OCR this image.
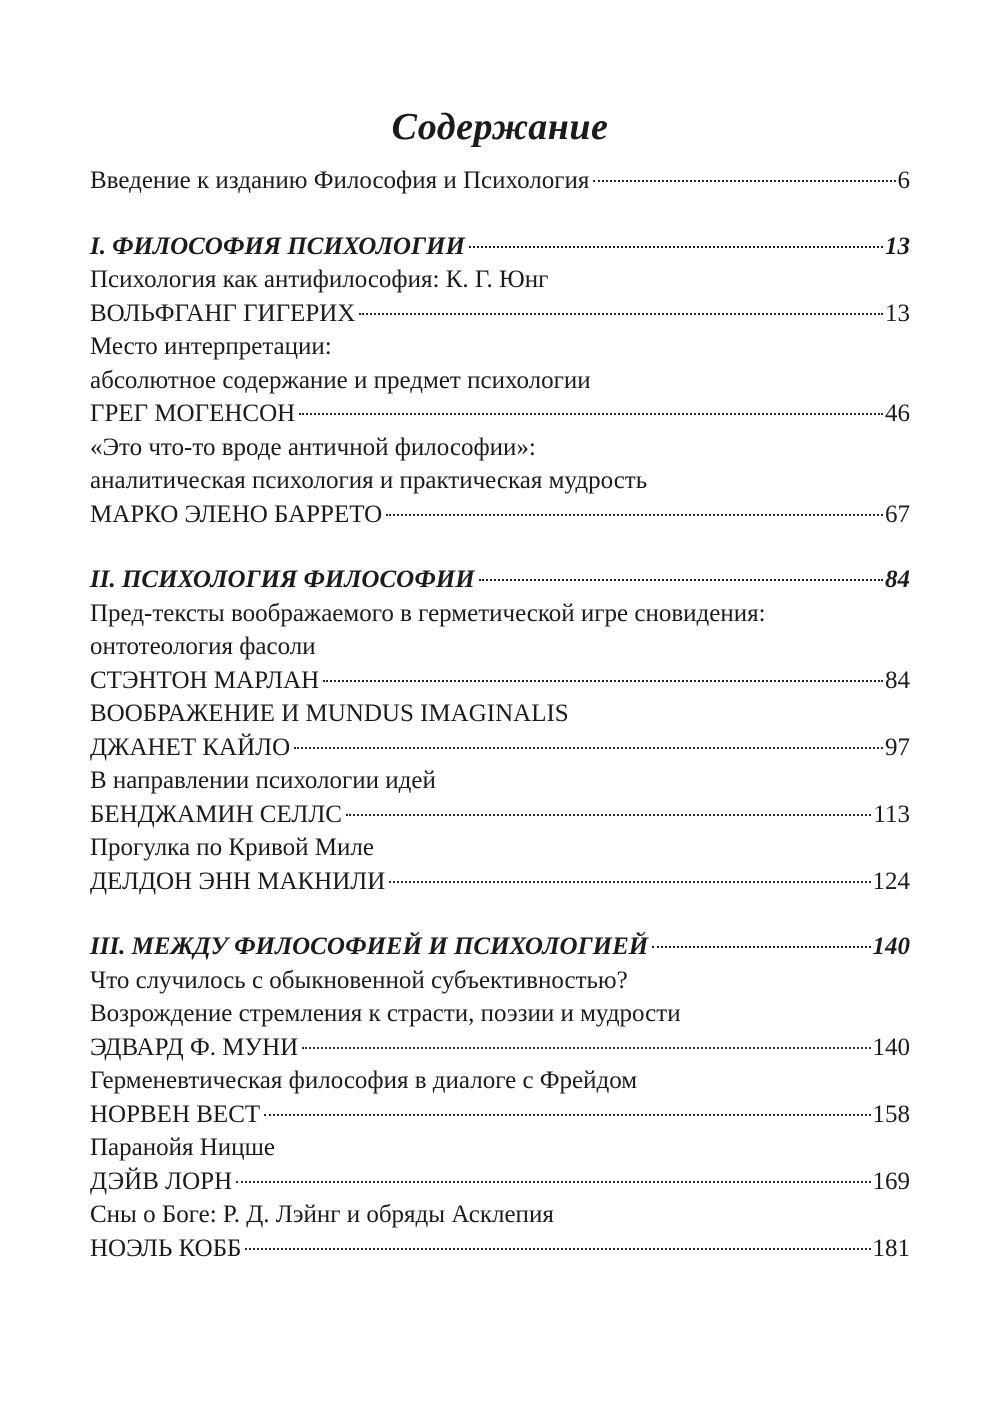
Содержание
Введение к изданию Философия и Психология	6
I. ФИЛОСОФИЯ ПСИХОЛОГИИ	13
Психология как антифилософия: К. Г. Юнг
ВОЛЬФГАНГ ГИГЕРИХ	13
Место интерпретации:
абсолютное содержание и предмет психологии
ГРЕГ МОГЕНСОН	46
«Это что-то вроде античной философии»:
аналитическая психология и практическая мудрость
МАРКО ЭЛЕНО БАРРЕТО	67
II. ПСИХОЛОГИЯ ФИЛОСОФИИ	84
Пред-тексты воображаемого в герметической игре сновидения:
онтотеология фасоли
СТЭНТОН МАРЛАН	84
ВООБРАЖЕНИЕ И MUNDUS IMAGINALIS
ДЖАНЕТ КАЙЛО	97
В направлении психологии идей
БЕНДЖАМИН СЕЛЛС	113
Прогулка по Кривой Миле
ДЕЛДОН ЭНН МАКНИЛИ	124
III. МЕЖДУ ФИЛОСОФИЕЙ И ПСИХОЛОГИЕЙ	140
Что случилось с обыкновенной субъективностью?
Возрождение стремления к страсти, поэзии и мудрости
ЭДВАРД Ф. МУНИ	140
Герменевтическая философия в диалоге с Фрейдом
НОРВЕН ВЕСТ	158
Паранойя Ницше
ДЭЙВ ЛОРН	169
Сны о Боге: Р. Д. Лэйнг и обряды Асклепия
НОЭЛЬ КОББ	181
